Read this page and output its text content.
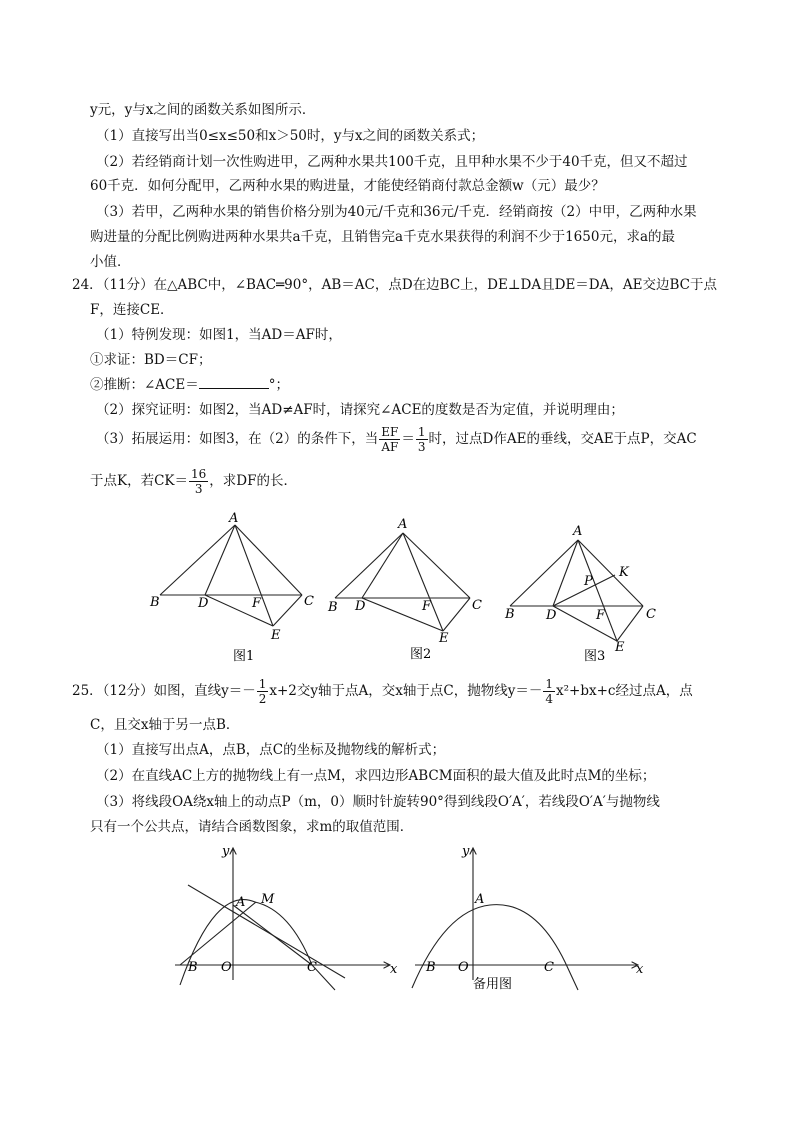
y元，y与x之间的函数关系如图所示．
（1）直接写出当0≤x≤50和x＞50时，y与x之间的函数关系式；
（2）若经销商计划一次性购进甲，乙两种水果共100千克，且甲种水果不少于40千克，但又不超过
60千克．如何分配甲，乙两种水果的购进量，才能使经销商付款总金额w（元）最少？
（3）若甲，乙两种水果的销售价格分别为40元/千克和36元/千克．经销商按（2）中甲，乙两种水果
购进量的分配比例购进两种水果共a千克，且销售完a千克水果获得的利润不少于1650元，求a的最
小值．
24．（11分）在△ABC中，∠BAC═90°，AB＝AC，点D在边BC上，DE⊥DA且DE＝DA，AE交边BC于点
F，连接CE．
（1）特例发现：如图1，当AD＝AF时，
①求证：BD＝CF；
②推断：∠ACE＝	°；
（2）探究证明：如图2，当AD≠AF时，请探究∠ACE的度数是否为定值，并说明理由；
（3）拓展运用：如图3，在（2）的条件下，当 $\frac{EF}{AF} = \frac{1}{3}$ 时，过点D作AE的垂线，交AE于点P，交AC
于点K，若$CK= \frac{16}{3}$ ，求DF的长．
A
B	D	F	C
E
图1
A
B D	F	C
E
图2
A
B D
P
K
F	C
E
图3
25．（12分）如图，直线$y=- \frac{1}{2} x+2$交y轴于点A，交x轴于点C，抛物线$y=- \frac{1}{4} x^2+bx+c$经过点A，点
C，且交x轴于另一点B．
（1）直接写出点A，点B，点C的坐标及抛物线的解析式；
（2）在直线AC上方的抛物线上有一点M，求四边形ABCM面积的最大值及此时点M的坐标；
（3）将线段OA绕x轴上的动点P（m，0）顺时针旋转90°得到线段O′A′，若线段O′A′与抛物线
只有一个公共点，请结合函数图象，求m的取值范围．
y
x
A M
B O	C
y
x
A
B O	C
备用图
